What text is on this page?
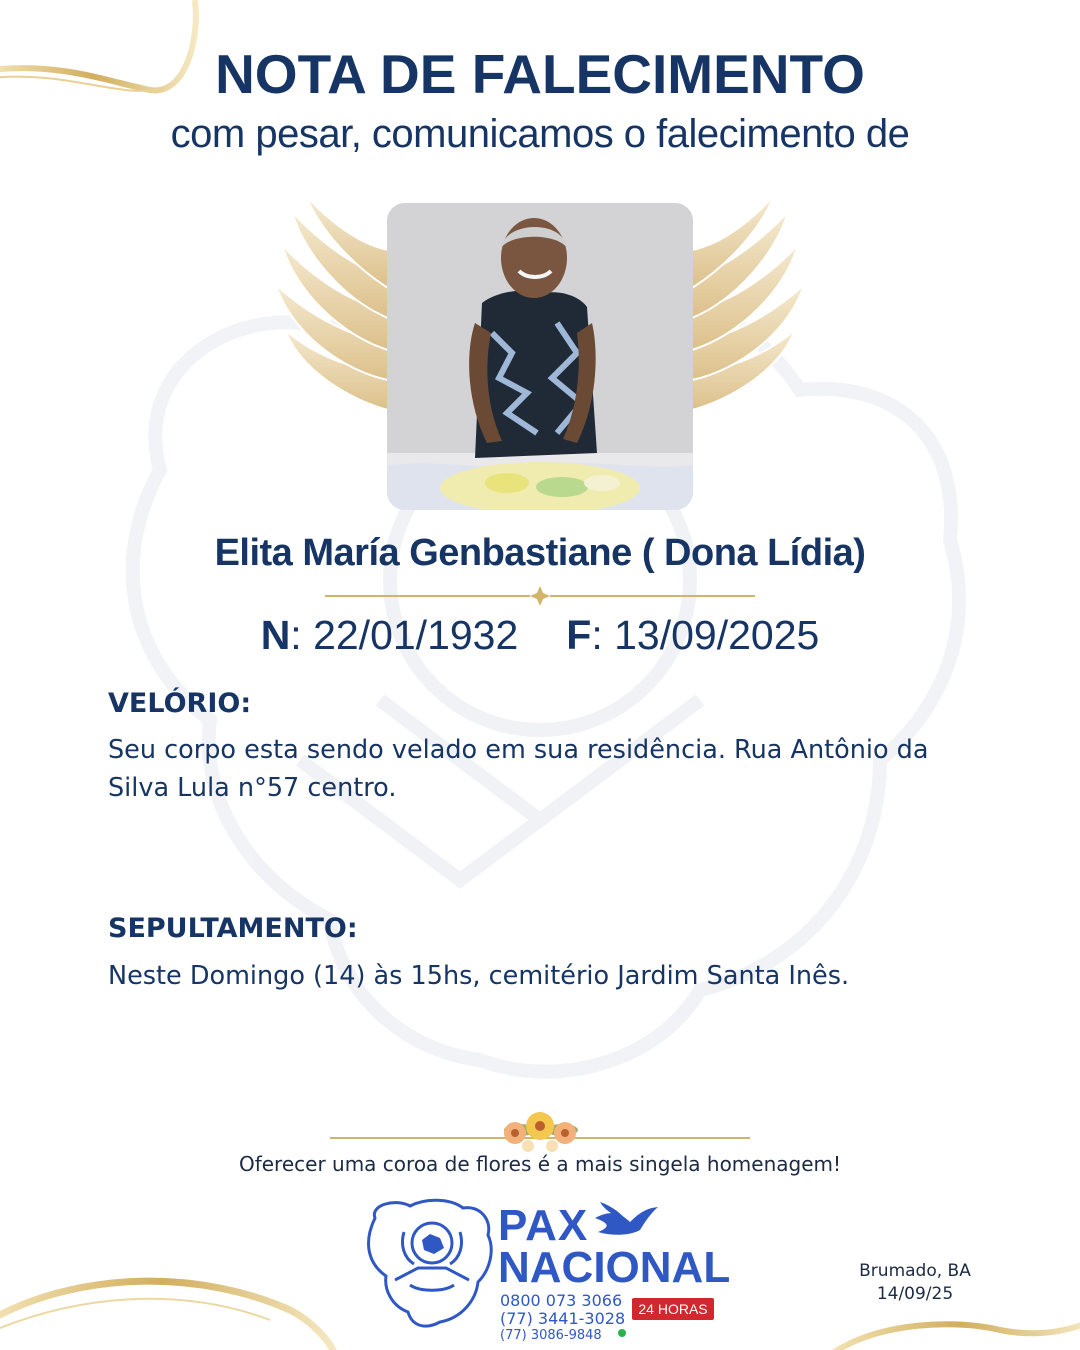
NOTA DE FALECIMENTO
com pesar, comunicamos o falecimento de
Elita María Genbastiane ( Dona Lídia)
N: 22/01/1932 F: 13/09/2025
VELÓRIO:
Seu corpo esta sendo velado em sua residência. Rua Antônio da Silva Lula n°57 centro.
SEPULTAMENTO:
Neste Domingo (14) às 15hs, cemitério Jardim Santa Inês.
Oferecer uma coroa de flores é a mais singela homenagem!
PAX
NACIONAL
0800 073 3066
(77) 3441-3028
(77) 3086-9848
24 HORAS
Brumado, BA
14/09/25
